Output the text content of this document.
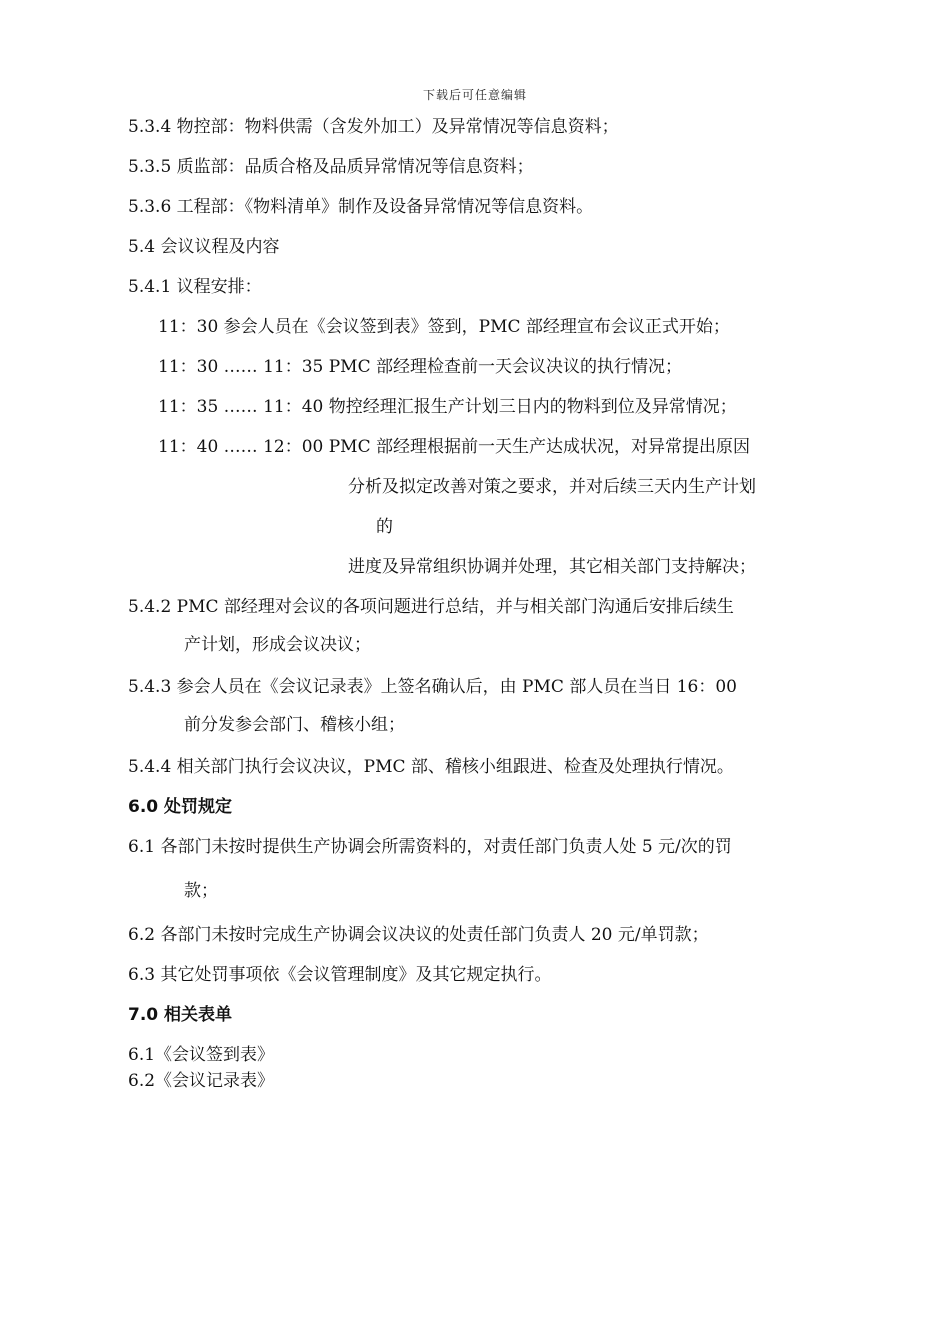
下载后可任意编辑
5.3.4 物控部：物料供需（含发外加工）及异常情况等信息资料；
5.3.5 质监部：品质合格及品质异常情况等信息资料；
5.3.6 工程部：《物料清单》制作及设备异常情况等信息资料。
5.4 会议议程及内容
5.4.1 议程安排：
11：30 参会人员在《会议签到表》签到，PMC 部经理宣布会议正式开始；
11：30 …… 11：35 PMC 部经理检查前一天会议决议的执行情况；
11：35 …… 11：40 物控经理汇报生产计划三日内的物料到位及异常情况；
11：40 …… 12：00 PMC 部经理根据前一天生产达成状况，对异常提出原因
分析及拟定改善对策之要求，并对后续三天内生产计划
的
进度及异常组织协调并处理，其它相关部门支持解决；
5.4.2 PMC 部经理对会议的各项问题进行总结，并与相关部门沟通后安排后续生
产计划，形成会议决议；
5.4.3 参会人员在《会议记录表》上签名确认后，由 PMC 部人员在当日 16：00
前分发参会部门、稽核小组；
5.4.4 相关部门执行会议决议，PMC 部、稽核小组跟进、检查及处理执行情况。
6.0 处罚规定
6.1 各部门未按时提供生产协调会所需资料的，对责任部门负责人处 5 元/次的罚
款；
6.2 各部门未按时完成生产协调会议决议的处责任部门负责人 20 元/单罚款；
6.3 其它处罚事项依《会议管理制度》及其它规定执行。
7.0 相关表单
6.1《会议签到表》
6.2《会议记录表》
